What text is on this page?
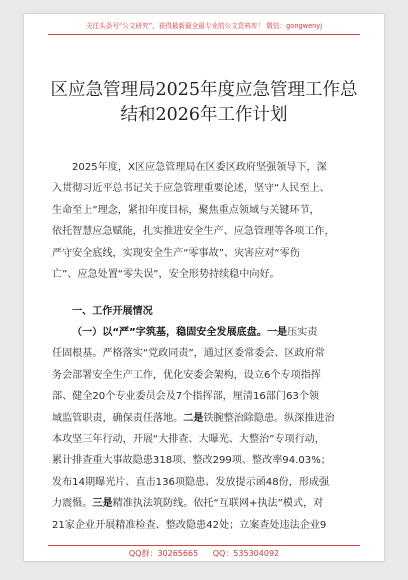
关注头条号“公文研究”，获得最新最全最专业的公文资料库！ 微信：gongwenyj
区应急管理局2025年度应急管理工作总
结和2026年工作计划
2025年度，X区应急管理局在区委区政府坚强领导下，深
入贯彻习近平总书记关于应急管理重要论述，坚守“人民至上、
生命至上”理念，紧扣年度目标，聚焦重点领域与关键环节，
依托智慧应急赋能，扎实推进安全生产、应急管理等各项工作，
严守安全底线，实现安全生产“零事故”、灾害应对“零伤
亡”、应急处置“零失误”，安全形势持续稳中向好。
一、工作开展情况
（一）以“严”字筑基，稳固安全发展底盘。一是压实责
任固根基。严格落实“党政同责”，通过区委常委会、区政府常
务会部署安全生产工作，优化安委会架构，设立6个专项指挥
部、健全20个专业委员会及7个指挥部，厘清16部门63个领
域监管职责，确保责任落地。二是铁腕整治除隐患。纵深推进治
本攻坚三年行动，开展“大排查、大曝光、大整治”专项行动，
累计排查重大事故隐患318项、整改299项、整改率94.03%；
发布14期曝光片、直击136项隐患、发放提示函48份，形成强
力震慑。三是精准执法筑防线。依托“互联网+执法”模式，对
21家企业开展精准检查、整改隐患42处；立案查处违法企业9
QQ群：30265665 QQ：535304092
